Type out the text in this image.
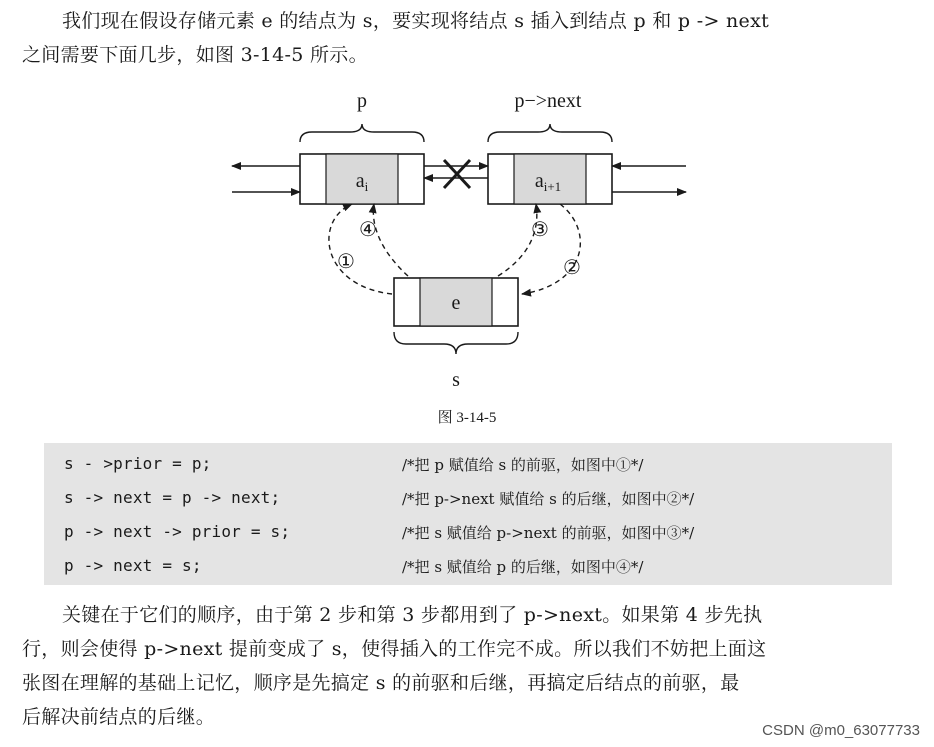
我们现在假设存储元素 e 的结点为 s，要实现将结点 s 插入到结点 p 和 p -> next
之间需要下面几步，如图 3-14-5 所示。
p	p−>next
$a_i$	$a_{i+1}$
e
s
①
④	③
②
图 3-14-5
s - >prior = p;	/*把 p 赋值给 s 的前驱，如图中①*/
s -> next = p -> next;	/*把 p->next 赋值给 s 的后继，如图中②*/
p -> next -> prior = s;	/*把 s 赋值给 p->next 的前驱，如图中③*/
p -> next = s;	/*把 s 赋值给 p 的后继，如图中④*/
关键在于它们的顺序，由于第 2 步和第 3 步都用到了 p->next。如果第 4 步先执
行，则会使得 p->next 提前变成了 s，使得插入的工作完不成。所以我们不妨把上面这
张图在理解的基础上记忆，顺序是先搞定 s 的前驱和后继，再搞定后结点的前驱，最
后解决前结点的后继。
CSDN @m0_63077733
